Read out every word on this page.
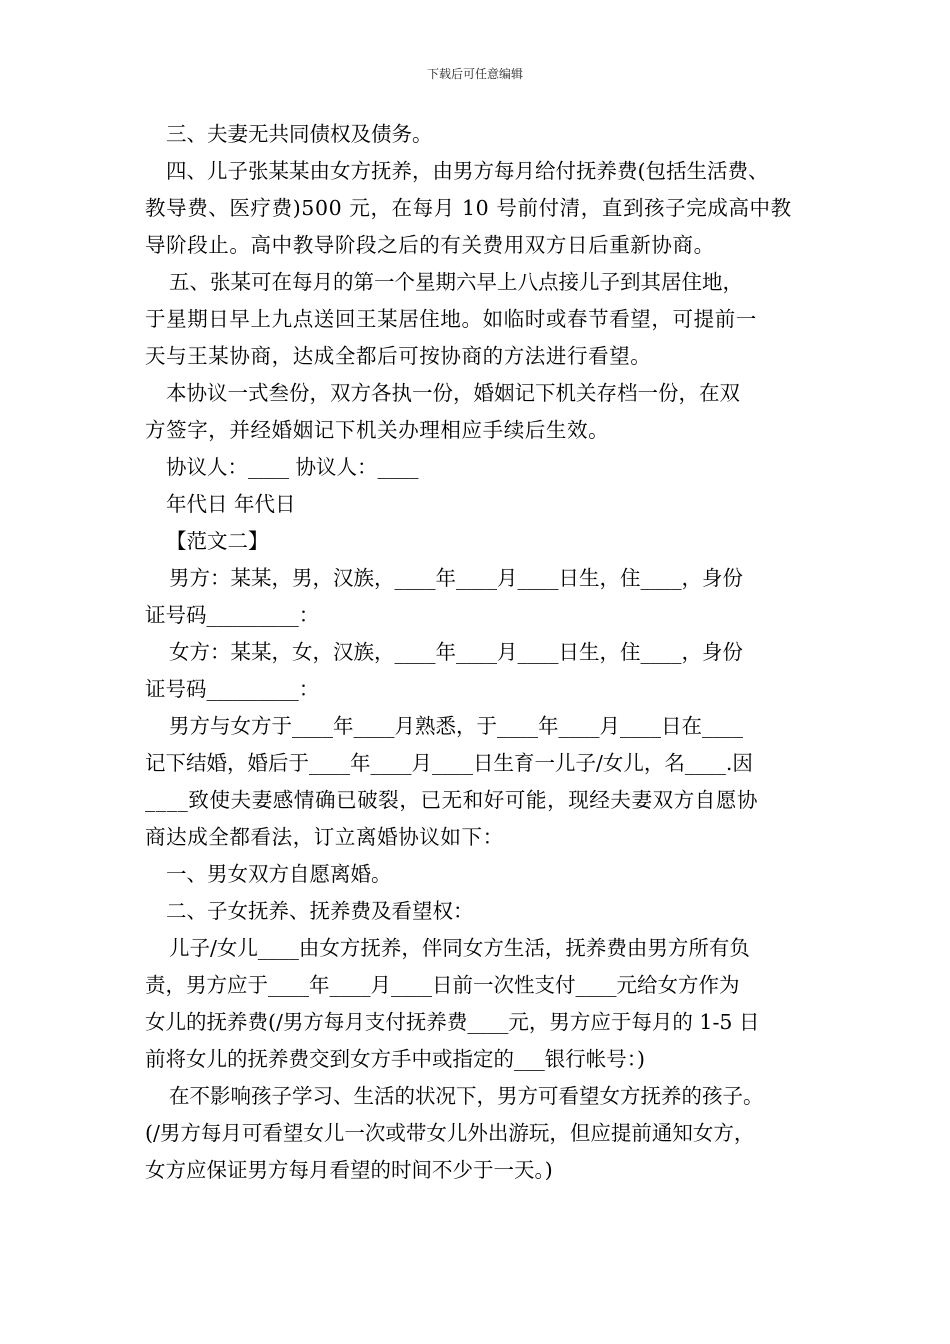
下载后可任意编辑

三、夫妻无共同债权及债务。

四、儿子张某某由女方抚养，由男方每月给付抚养费(包括生活费、

教导费、医疗费)500 元，在每月 10 号前付清，直到孩子完成高中教

导阶段止。高中教导阶段之后的有关费用双方日后重新协商。

五、张某可在每月的第一个星期六早上八点接儿子到其居住地，

于星期日早上九点送回王某居住地。如临时或春节看望，可提前一

天与王某协商，达成全都后可按协商的方法进行看望。

本协议一式叁份，双方各执一份，婚姻记下机关存档一份，在双

方签字，并经婚姻记下机关办理相应手续后生效。

协议人：____ 协议人：____

年代日 年代日

【范文二】

男方：某某，男，汉族，____年____月____日生，住____，身份

证号码_________：

女方：某某，女，汉族，____年____月____日生，住____，身份

证号码_________：

男方与女方于____年____月熟悉，于____年____月____日在____

记下结婚，婚后于____年____月____日生育一儿子/女儿，名____.因

____致使夫妻感情确已破裂，已无和好可能，现经夫妻双方自愿协

商达成全都看法，订立离婚协议如下：

一、男女双方自愿离婚。

二、子女抚养、抚养费及看望权：

儿子/女儿____由女方抚养，伴同女方生活，抚养费由男方所有负

责，男方应于____年____月____日前一次性支付____元给女方作为

女儿的抚养费(/男方每月支付抚养费____元，男方应于每月的 1-5 日

前将女儿的抚养费交到女方手中或指定的___银行帐号：)

在不影响孩子学习、生活的状况下，男方可看望女方抚养的孩子。

(/男方每月可看望女儿一次或带女儿外出游玩，但应提前通知女方，

女方应保证男方每月看望的时间不少于一天。)
